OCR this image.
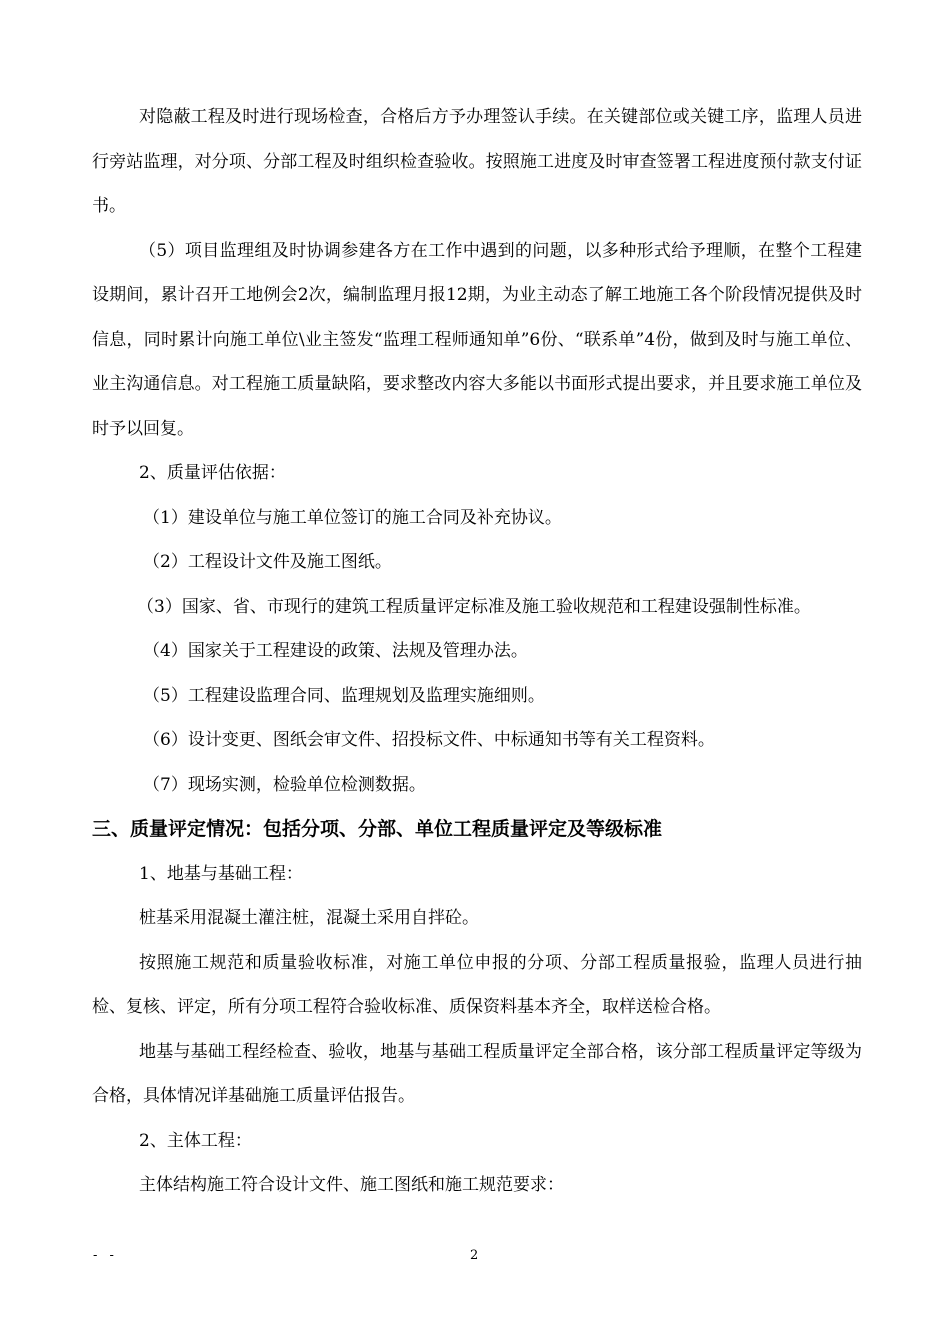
对隐蔽工程及时进行现场检查，合格后方予办理签认手续。在关键部位或关键工序，监理人员进行旁站监理，对分项、分部工程及时组织检查验收。按照施工进度及时审查签署工程进度预付款支付证书。

（5）项目监理组及时协调参建各方在工作中遇到的问题，以多种形式给予理顺，在整个工程建设期间，累计召开工地例会2次，编制监理月报12期，为业主动态了解工地施工各个阶段情况提供及时信息，同时累计向施工单位\业主签发“监理工程师通知单”6份、“联系单”4份，做到及时与施工单位、业主沟通信息。对工程施工质量缺陷，要求整改内容大多能以书面形式提出要求，并且要求施工单位及时予以回复。

2、质量评估依据：

（1）建设单位与施工单位签订的施工合同及补充协议。

（2）工程设计文件及施工图纸。

（3）国家、省、市现行的建筑工程质量评定标准及施工验收规范和工程建设强制性标准。

（4）国家关于工程建设的政策、法规及管理办法。

（5）工程建设监理合同、监理规划及监理实施细则。

（6）设计变更、图纸会审文件、招投标文件、中标通知书等有关工程资料。

（7）现场实测，检验单位检测数据。

三、质量评定情况：包括分项、分部、单位工程质量评定及等级标准

1、地基与基础工程：

桩基采用混凝土灌注桩，混凝土采用自拌砼。

按照施工规范和质量验收标准，对施工单位申报的分项、分部工程质量报验，监理人员进行抽检、复核、评定，所有分项工程符合验收标准、质保资料基本齐全，取样送检合格。

地基与基础工程经检查、验收，地基与基础工程质量评定全部合格，该分部工程质量评定等级为合格，具体情况详基础施工质量评估报告。

2、主体工程：

主体结构施工符合设计文件、施工图纸和施工规范要求：

- -	2
